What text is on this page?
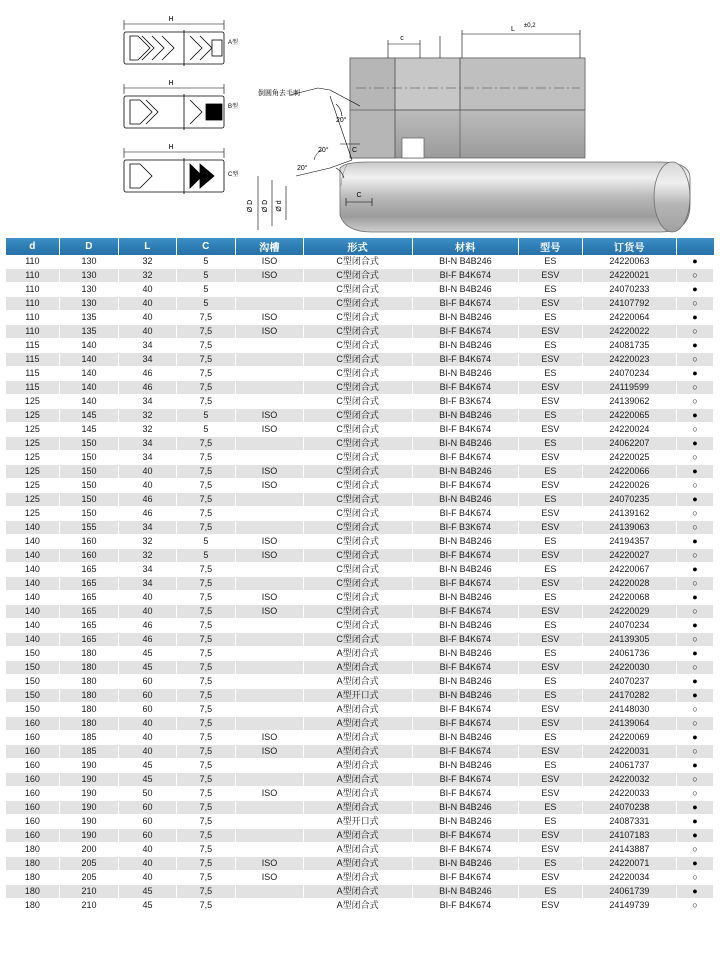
H
A型
H
B型
H
C型
倒圆角去毛刺
20°
20°
c
L ±0,2
C
C
Ø D Ø D Ø d
20°
d	D	L	C	沟槽	形式	材料	型号	订货号	
110	130	32	5	ISO	C型闭合式	BI-N B4B246	ES	24220063	●
110	130	32	5	ISO	C型闭合式	BI-F B4K674	ESV	24220021	○
110	130	40	5		C型闭合式	BI-N B4B246	ES	24070233	●
110	130	40	5		C型闭合式	BI-F B4K674	ESV	24107792	○
110	135	40	7,5	ISO	C型闭合式	BI-N B4B246	ES	24220064	●
110	135	40	7,5	ISO	C型闭合式	BI-F B4K674	ESV	24220022	○
115	140	34	7,5		C型闭合式	BI-N B4B246	ES	24081735	●
115	140	34	7,5		C型闭合式	BI-F B4K674	ESV	24220023	○
115	140	46	7,5		C型闭合式	BI-N B4B246	ES	24070234	●
115	140	46	7,5		C型闭合式	BI-F B4K674	ESV	24119599	○
125	140	34	7,5		C型闭合式	BI-F B3K674	ESV	24139062	○
125	145	32	5	ISO	C型闭合式	BI-N B4B246	ES	24220065	●
125	145	32	5	ISO	C型闭合式	BI-F B4K674	ESV	24220024	○
125	150	34	7,5		C型闭合式	BI-N B4B246	ES	24062207	●
125	150	34	7,5		C型闭合式	BI-F B4K674	ESV	24220025	○
125	150	40	7,5	ISO	C型闭合式	BI-N B4B246	ES	24220066	●
125	150	40	7,5	ISO	C型闭合式	BI-F B4K674	ESV	24220026	○
125	150	46	7,5		C型闭合式	BI-N B4B246	ES	24070235	●
125	150	46	7,5		C型闭合式	BI-F B4K674	ESV	24139162	○
140	155	34	7,5		C型闭合式	BI-F B3K674	ESV	24139063	○
140	160	32	5	ISO	C型闭合式	BI-N B4B246	ES	24194357	●
140	160	32	5	ISO	C型闭合式	BI-F B4K674	ESV	24220027	○
140	165	34	7,5		C型闭合式	BI-N B4B246	ES	24220067	●
140	165	34	7,5		C型闭合式	BI-F B4K674	ESV	24220028	○
140	165	40	7,5	ISO	C型闭合式	BI-N B4B246	ES	24220068	●
140	165	40	7,5	ISO	C型闭合式	BI-F B4K674	ESV	24220029	○
140	165	46	7,5		C型闭合式	BI-N B4B246	ES	24070234	●
140	165	46	7,5		C型闭合式	BI-F B4K674	ESV	24139305	○
150	180	45	7,5		A型闭合式	BI-N B4B246	ES	24061736	●
150	180	45	7,5		A型闭合式	BI-F B4K674	ESV	24220030	○
150	180	60	7,5		A型闭合式	BI-N B4B246	ES	24070237	●
150	180	60	7,5		A型开口式	BI-N B4B246	ES	24170282	●
150	180	60	7,5		A型闭合式	BI-F B4K674	ESV	24148030	○
160	180	40	7,5		A型闭合式	BI-F B4K674	ESV	24139064	○
160	185	40	7,5	ISO	A型闭合式	BI-N B4B246	ES	24220069	●
160	185	40	7,5	ISO	A型闭合式	BI-F B4K674	ESV	24220031	○
160	190	45	7,5		A型闭合式	BI-N B4B246	ES	24061737	●
160	190	45	7,5		A型闭合式	BI-F B4K674	ESV	24220032	○
160	190	50	7,5	ISO	A型闭合式	BI-F B4K674	ESV	24220033	○
160	190	60	7,5		A型闭合式	BI-N B4B246	ES	24070238	●
160	190	60	7,5		A型开口式	BI-N B4B246	ES	24087331	●
160	190	60	7,5		A型闭合式	BI-F B4K674	ESV	24107183	●
180	200	40	7,5		A型闭合式	BI-F B4K674	ESV	24143887	○
180	205	40	7,5	ISO	A型闭合式	BI-N B4B246	ES	24220071	●
180	205	40	7,5	ISO	A型闭合式	BI-F B4K674	ESV	24220034	○
180	210	45	7,5		A型闭合式	BI-N B4B246	ES	24061739	●
180	210	45	7,5		A型闭合式	BI-F B4K674	ESV	24149739	○
